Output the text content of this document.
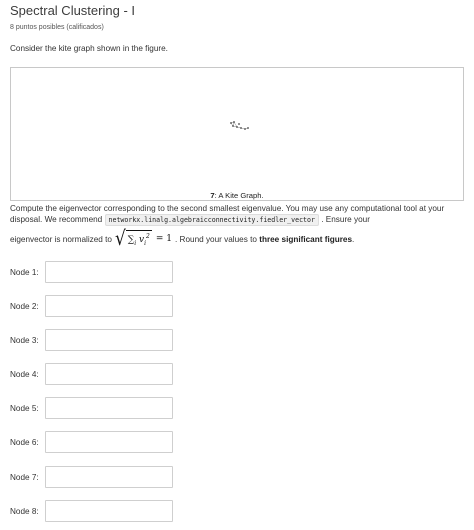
Spectral Clustering - I
8 puntos posibles (calificados)
Consider the kite graph shown in the figure.
7: A Kite Graph.
Compute the eigenvector corresponding to the second smallest eigenvalue. You may use any computational tool at your disposal. We recommend networkx.linalg.algebraicconnectivity.fiedler_vector . Ensure your
eigenvector is normalized to √ $\sum_i$ $v_i^2 = 1$ . Round your values to
three significant figures .
Node 1:
Node 2:
Node 3:
Node 4:
Node 5:
Node 6:
Node 7:
Node 8:
